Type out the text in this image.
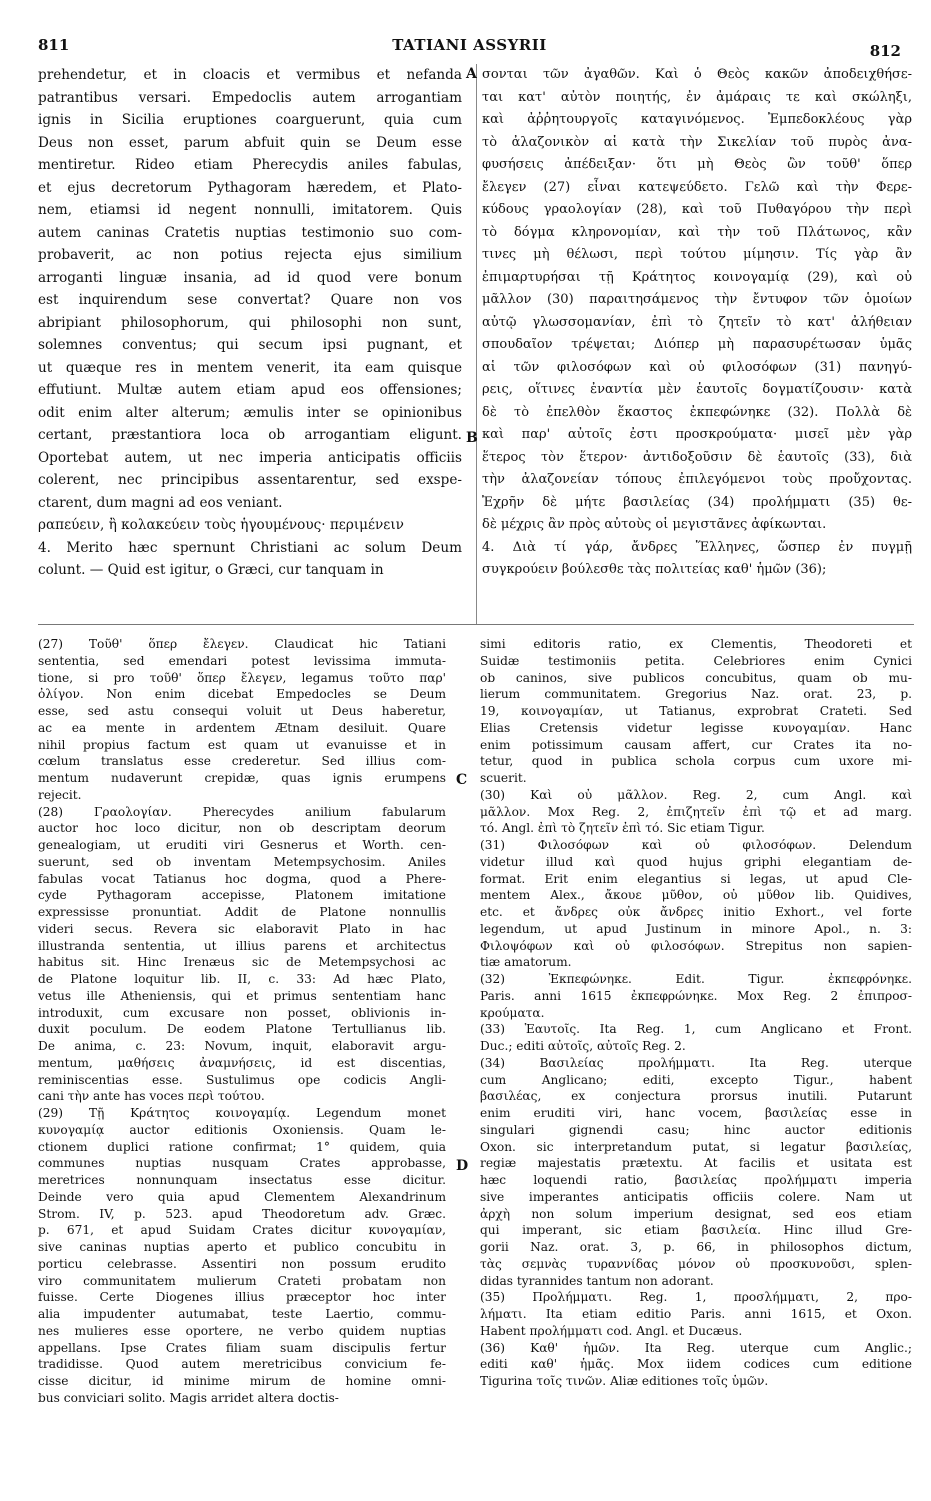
811	TATIANI ASSYRII	812
A
B
C
D
prehendetur, et in cloacis et vermibus et nefanda
patrantibus versari. Empedoclis autem arrogantiam
ignis in Sicilia eruptiones coarguerunt, quia cum
Deus non esset, parum abfuit quin se Deum esse
mentiretur. Rideo etiam Pherecydis aniles fabulas,
et ejus decretorum Pythagoram hæredem, et Plato-
nem, etiamsi id negent nonnulli, imitatorem. Quis
autem caninas Cratetis nuptias testimonio suo com-
probaverit, ac non potius rejecta ejus similium
arroganti linguæ insania, ad id quod vere bonum
est inquirendum sese convertat? Quare non vos
abripiant philosophorum, qui philosophi non sunt,
solemnes conventus; qui secum ipsi pugnant, et
ut quæque res in mentem venerit, ita eam quisque
effutiunt. Multæ autem etiam apud eos offensiones;
odit enim alter alterum; æmulis inter se opinionibus
certant, præstantiora loca ob arrogantiam eligunt.
Oportebat autem, ut nec imperia anticipatis officiis
colerent, nec principibus assentarentur, sed exspe-
ctarent, dum magni ad eos veniant.
ραπεύειν, ἢ κολακεύειν τοὺς ἡγουμένους· περιμένειν
4. Merito hæc spernunt Christiani ac solum Deum
colunt. — Quid est igitur, o Græci, cur tanquam in
σονται τῶν ἀγαθῶν. Καὶ ὁ Θεὸς κακῶν ἀποδειχθήσε-
ται κατ' αὐτὸν ποιητής, ἐν ἀμάραις τε καὶ σκώληξι,
καὶ ἀῤῥητουργοῖς καταγινόμενος. Ἐμπεδοκλέους γὰρ
τὸ ἀλαζονικὸν αἱ κατὰ τὴν Σικελίαν τοῦ πυρὸς ἀνα-
φυσήσεις ἀπέδειξαν· ὅτι μὴ Θεὸς ὢν τοῦθ' ὅπερ
ἔλεγεν (27) εἶναι κατεψεύδετο. Γελῶ καὶ τὴν Φερε-
κύδους γραολογίαν (28), καὶ τοῦ Πυθαγόρου τὴν περὶ
τὸ δόγμα κληρονομίαν, καὶ τὴν τοῦ Πλάτωνος, κἂν
τινες μὴ θέλωσι, περὶ τούτου μίμησιν. Τίς γὰρ ἂν
ἐπιμαρτυρήσαι τῇ Κράτητος κοινογαμίᾳ (29), καὶ οὐ
μᾶλλον (30) παραιτησάμενος τὴν ἔντυφον τῶν ὁμοίων
αὐτῷ γλωσσομανίαν, ἐπὶ τὸ ζητεῖν τὸ κατ' ἀλήθειαν
σπουδαῖον τρέψεται; Διόπερ μὴ παρασυρέτωσαν ὑμᾶς
αἱ τῶν φιλοσόφων καὶ οὐ φιλοσόφων (31) πανηγύ-
ρεις, οἵτινες ἐναντία μὲν ἑαυτοῖς δογματίζουσιν· κατὰ
δὲ τὸ ἐπελθὸν ἕκαστος ἐκπεφώνηκε (32). Πολλὰ δὲ
καὶ παρ' αὐτοῖς ἐστι προσκρούματα· μισεῖ μὲν γὰρ
ἕτερος τὸν ἕτερον· ἀντιδοξοῦσιν δὲ ἑαυτοῖς (33), διὰ
τὴν ἀλαζονείαν τόπους ἐπιλεγόμενοι τοὺς προὔχοντας.
Ἐχρῆν δὲ μήτε βασιλείας (34) προλήμματι (35) θε-
δὲ μέχρις ἂν πρὸς αὐτοὺς οἱ μεγιστᾶνες ἀφίκωνται.
4. Διὰ τί γάρ, ἄνδρες Ἕλληνες, ὥσπερ ἐν πυγμῇ
συγκρούειν βούλεσθε τὰς πολιτείας καθ' ἡμῶν (36);
(27) Τοῦθ' ὅπερ ἔλεγεν. Claudicat hic Tatiani
sententia, sed emendari potest levissima immuta-
tione, si pro τοῦθ' ὅπερ ἔλεγεν, legamus τοῦτο παρ'
ὀλίγον. Non enim dicebat Empedocles se Deum
esse, sed astu consequi voluit ut Deus haberetur,
ac ea mente in ardentem Ætnam desiluit. Quare
nihil propius factum est quam ut evanuisse et in
cœlum translatus esse crederetur. Sed illius com-
mentum nudaverunt crepidæ, quas ignis erumpens
rejecit.
(28) Γραολογίαν. Pherecydes anilium fabularum
auctor hoc loco dicitur, non ob descriptam deorum
genealogiam, ut eruditi viri Gesnerus et Worth. cen-
suerunt, sed ob inventam Metempsychosim. Aniles
fabulas vocat Tatianus hoc dogma, quod a Phere-
cyde Pythagoram accepisse, Platonem imitatione
expressisse pronuntiat. Addit de Platone nonnullis
videri secus. Revera sic elaboravit Plato in hac
illustranda sententia, ut illius parens et architectus
habitus sit. Hinc Irenæus sic de Metempsychosi ac
de Platone loquitur lib. II, c. 33: Ad hæc Plato,
vetus ille Atheniensis, qui et primus sententiam hanc
introduxit, cum excusare non posset, oblivionis in-
duxit poculum. De eodem Platone Tertullianus lib.
De anima, c. 23: Novum, inquit, elaboravit argu-
mentum, μαθήσεις ἀναμνήσεις, id est discentias,
reminiscentias esse. Sustulimus ope codicis Angli-
cani τὴν ante has voces περὶ τούτου.
(29) Τῇ Κράτητος κοινογαμίᾳ. Legendum monet
κυνογαμίᾳ auctor editionis Oxoniensis. Quam le-
ctionem duplici ratione confirmat; 1° quidem, quia
communes nuptias nusquam Crates approbasse,
meretrices nonnunquam insectatus esse dicitur.
Deinde vero quia apud Clementem Alexandrinum
Strom. IV, p. 523. apud Theodoretum adv. Græc.
p. 671, et apud Suidam Crates dicitur κυνογαμίαν,
sive caninas nuptias aperto et publico concubitu in
porticu celebrasse. Assentiri non possum erudito
viro communitatem mulierum Crateti probatam non
fuisse. Certe Diogenes illius præceptor hoc inter
alia impudenter autumabat, teste Laertio, commu-
nes mulieres esse oportere, ne verbo quidem nuptias
appellans. Ipse Crates filiam suam discipulis fertur
tradidisse. Quod autem meretricibus convicium fe-
cisse dicitur, id minime mirum de homine omni-
bus conviciari solito. Magis arridet altera doctis-
simi editoris ratio, ex Clementis, Theodoreti et
Suidæ testimoniis petita. Celebriores enim Cynici
ob caninos, sive publicos concubitus, quam ob mu-
lierum communitatem. Gregorius Naz. orat. 23, p.
19, κοινογαμίαν, ut Tatianus, exprobrat Crateti. Sed
Elias Cretensis videtur legisse κυνογαμίαν. Hanc
enim potissimum causam affert, cur Crates ita no-
tetur, quod in publica schola corpus cum uxore mi-
scuerit.
(30) Καὶ οὐ μᾶλλον. Reg. 2, cum Angl. καὶ
μᾶλλον. Mox Reg. 2, ἐπιζητεῖν ἐπὶ τῷ et ad marg.
τό. Angl. ἐπὶ τὸ ζητεῖν ἐπὶ τό. Sic etiam Tigur.
(31) Φιλοσόφων καὶ οὐ φιλοσόφων. Delendum
videtur illud καὶ quod hujus griphi elegantiam de-
format. Erit enim elegantius si legas, ut apud Cle-
mentem Alex., ἄκουε μῦθον, οὐ μῦθον lib. Quidives,
etc. et ἄνδρες οὐκ ἄνδρες initio Exhort., vel forte
legendum, ut apud Justinum in minore Apol., n. 3:
Φιλοψόφων καὶ οὐ φιλοσόφων. Strepitus non sapien-
tiæ amatorum.
(32) Ἐκπεφώνηκε. Edit. Tigur. ἐκπεφρόνηκε.
Paris. anni 1615 ἐκπεφρώνηκε. Mox Reg. 2 ἐπιπροσ-
κρούματα.
(33) Ἑαυτοῖς. Ita Reg. 1, cum Anglicano et Front.
Duc.; editi αὐτοῖς, αὐτοῖς Reg. 2.
(34) Βασιλείας προλήμματι. Ita Reg. uterque
cum Anglicano; editi, excepto Tigur., habent
βασιλέας, ex conjectura prorsus inutili. Putarunt
enim eruditi viri, hanc vocem, βασιλείας esse in
singulari gignendi casu; hinc auctor editionis
Oxon. sic interpretandum putat, si legatur βασιλείας,
regiæ majestatis prætextu. At facilis et usitata est
hæc loquendi ratio, βασιλείας προλήμματι imperia
sive imperantes anticipatis officiis colere. Nam ut
ἀρχὴ non solum imperium designat, sed eos etiam
qui imperant, sic etiam βασιλεία. Hinc illud Gre-
gorii Naz. orat. 3, p. 66, in philosophos dictum,
τὰς σεμνὰς τυραννίδας μόνον οὐ προσκυνοῦσι, splen-
didas tyrannides tantum non adorant.
(35) Προλήμματι. Reg. 1, προσλήμματι, 2, προ-
λήματι. Ita etiam editio Paris. anni 1615, et Oxon.
Habent προλήμματι cod. Angl. et Ducæus.
(36) Καθ' ἡμῶν. Ita Reg. uterque cum Anglic.;
editi καθ' ἡμᾶς. Mox iidem codices cum editione
Tigurina τοῖς τινῶν. Aliæ editiones τοῖς ὑμῶν.
